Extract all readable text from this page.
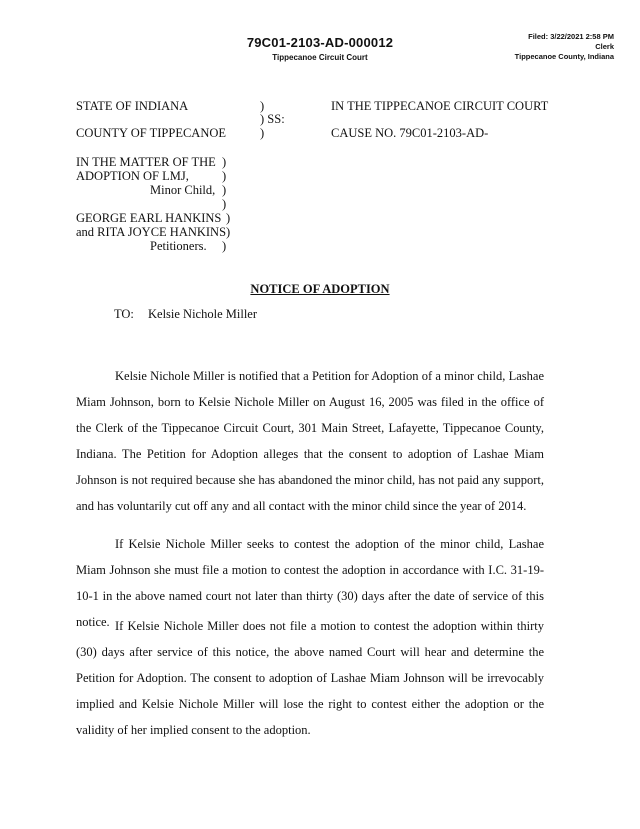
79C01-2103-AD-000012
Tippecanoe Circuit Court
Filed: 3/22/2021 2:58 PM
Clerk
Tippecanoe County, Indiana
STATE OF INDIANA
COUNTY OF TIPPECANOE
)
) SS:
)
IN THE TIPPECANOE CIRCUIT COURT
CAUSE NO. 79C01-2103-AD-
IN THE MATTER OF THE
ADOPTION OF LMJ,
Minor Child,
GEORGE EARL HANKINS
and RITA JOYCE HANKINS
Petitioners.
)
)
)
)
)
)
)
NOTICE OF ADOPTION
TO: Kelsie Nichole Miller

Kelsie Nichole Miller is notified that a Petition for Adoption of a minor child, Lashae Miam Johnson, born to Kelsie Nichole Miller on August 16, 2005 was filed in the office of the Clerk of the Tippecanoe Circuit Court, 301 Main Street, Lafayette, Tippecanoe County, Indiana. The Petition for Adoption alleges that the consent to adoption of Lashae Miam Johnson is not required because she has abandoned the minor child, has not paid any support, and has voluntarily cut off any and all contact with the minor child since the year of 2014.

If Kelsie Nichole Miller seeks to contest the adoption of the minor child, Lashae Miam Johnson she must file a motion to contest the adoption in accordance with I.C. 31-19-10-1 in the above named court not later than thirty (30) days after the date of service of this notice. If Kelsie Nichole Miller does not file a motion to contest the adoption within thirty (30) days after service of this notice, the above named Court will hear and determine the Petition for Adoption. The consent to adoption of Lashae Miam Johnson will be irrevocably implied and Kelsie Nichole Miller will lose the right to contest either the adoption or the validity of her implied consent to the adoption.
